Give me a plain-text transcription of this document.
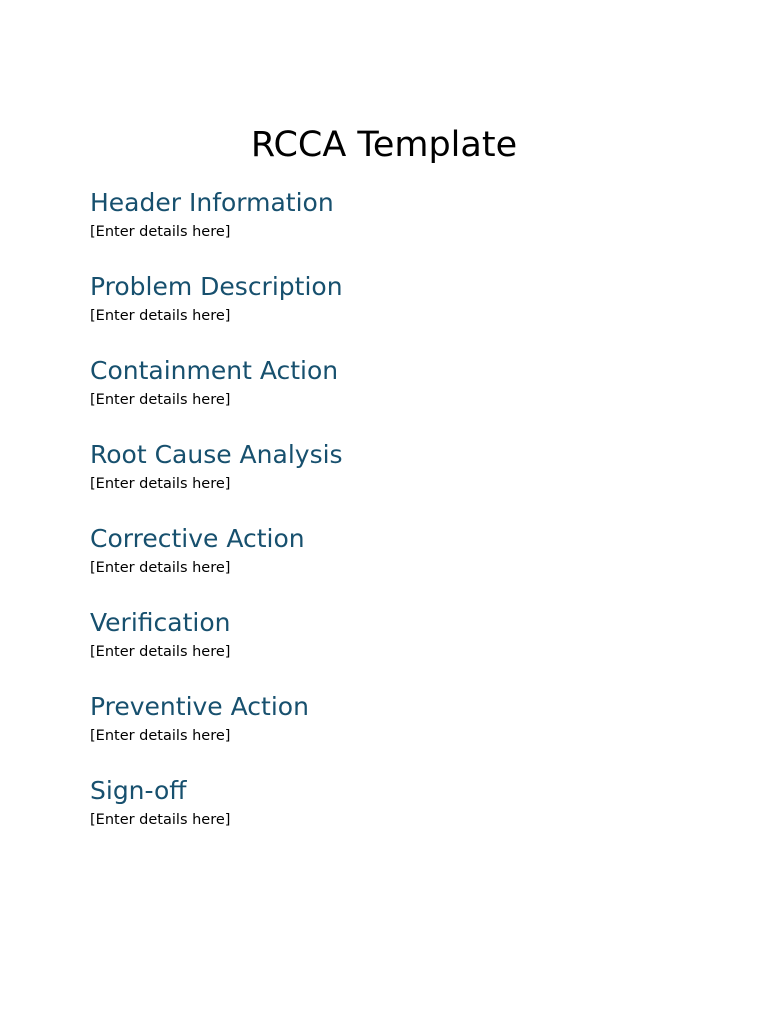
RCCA Template
Header Information

[Enter details here]

Problem Description

[Enter details here]

Containment Action

[Enter details here]

Root Cause Analysis

[Enter details here]

Corrective Action

[Enter details here]

Verification

[Enter details here]

Preventive Action

[Enter details here]

Sign-off

[Enter details here]
